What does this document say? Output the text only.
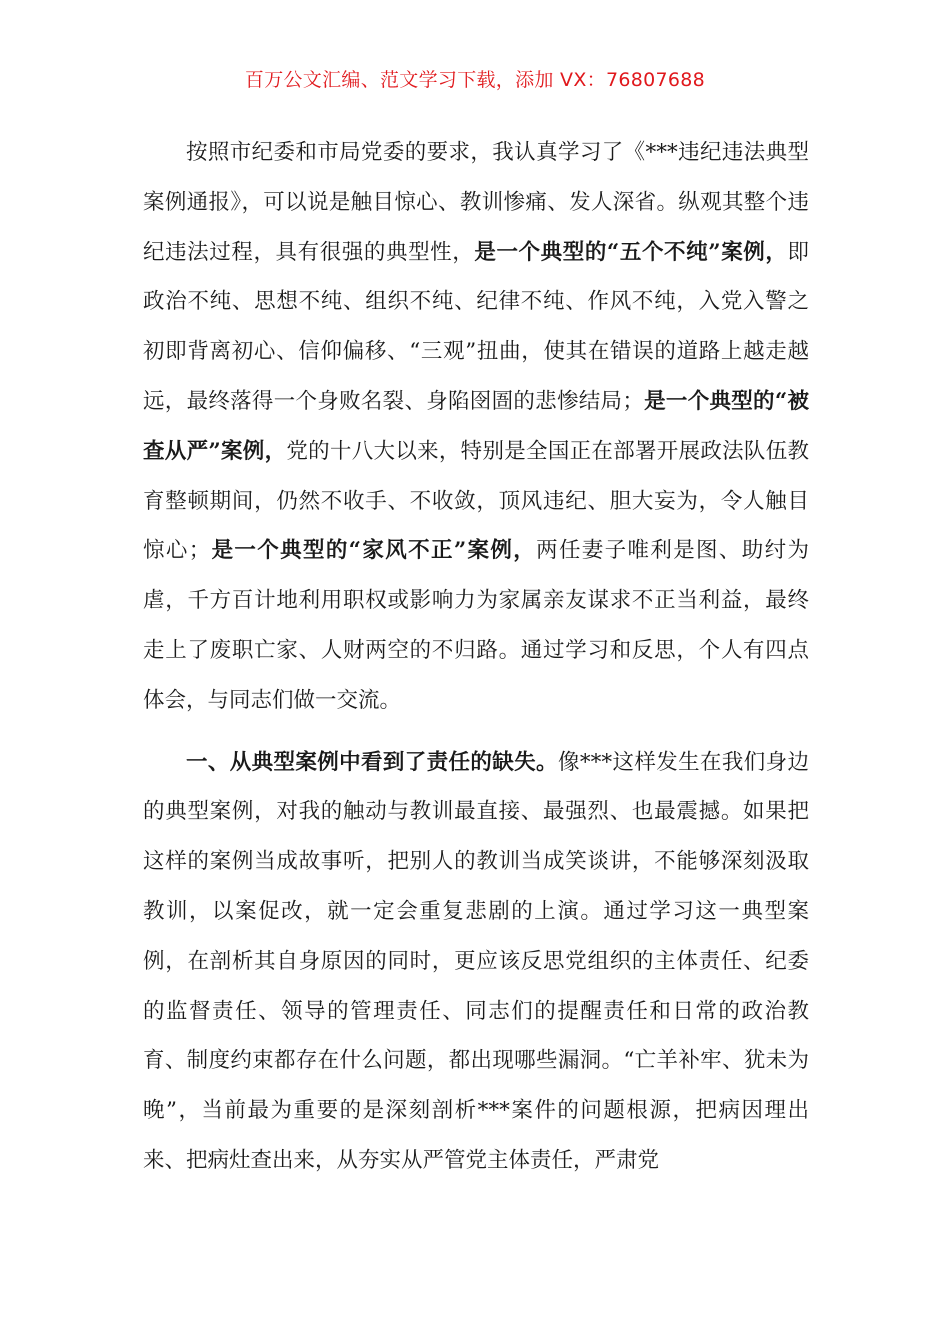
百万公文汇编、范文学习下载，添加 VX：76807688

按照市纪委和市局党委的要求，我认真学习了《***违纪违法典型案例通报》，可以说是触目惊心、教训惨痛、发人深省。纵观其整个违纪违法过程，具有很强的典型性，是一个典型的“五个不纯”案例，即政治不纯、思想不纯、组织不纯、纪律不纯、作风不纯，入党入警之初即背离初心、信仰偏移、“三观”扭曲，使其在错误的道路上越走越远，最终落得一个身败名裂、身陷囹圄的悲惨结局；是一个典型的“被查从严”案例，党的十八大以来，特别是全国正在部署开展政法队伍教育整顿期间，仍然不收手、不收敛，顶风违纪、胆大妄为，令人触目惊心；是一个典型的“家风不正”案例，两任妻子唯利是图、助纣为虐，千方百计地利用职权或影响力为家属亲友谋求不正当利益，最终走上了废职亡家、人财两空的不归路。通过学习和反思，个人有四点体会，与同志们做一交流。

一、从典型案例中看到了责任的缺失。像***这样发生在我们身边的典型案例，对我的触动与教训最直接、最强烈、也最震撼。如果把这样的案例当成故事听，把别人的教训当成笑谈讲，不能够深刻汲取教训，以案促改，就一定会重复悲剧的上演。通过学习这一典型案例，在剖析其自身原因的同时，更应该反思党组织的主体责任、纪委的监督责任、领导的管理责任、同志们的提醒责任和日常的政治教育、制度约束都存在什么问题，都出现哪些漏洞。“亡羊补牢、犹未为晚”，当前最为重要的是深刻剖析***案件的问题根源，把病因理出来、把病灶查出来，从夯实从严管党主体责任，严肃党
